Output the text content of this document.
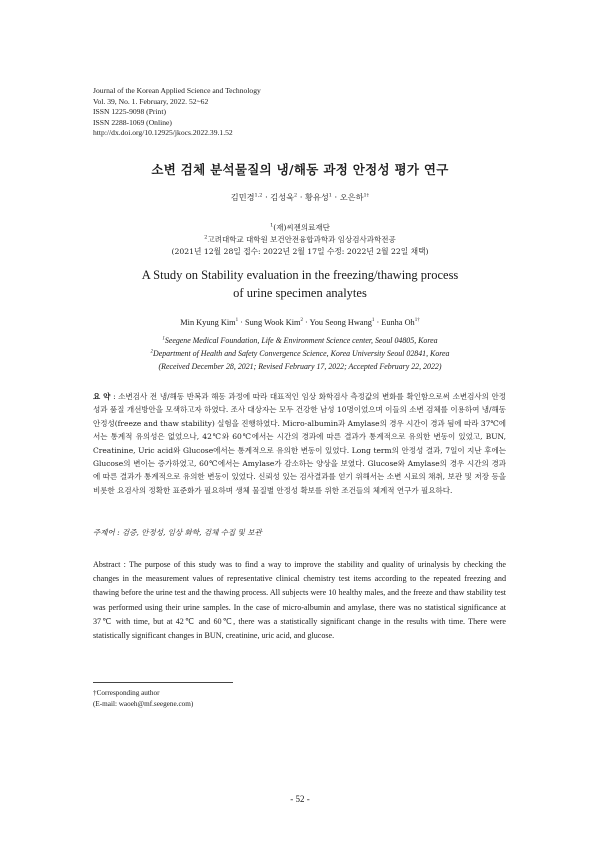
Journal of the Korean Applied Science and Technology
Vol. 39, No. 1. February, 2022. 52~62
ISSN 1225-9098 (Print)
ISSN 2288-1069 (Online)
http://dx.doi.org/10.12925/jkocs.2022.39.1.52
소변 검체 분석물질의 냉/해동 과정 안정성 평가 연구
김민경$^{1,2}$ · 김성욱$^2$ · 황유성$^1$ · 오은하$^{1\dagger}$
$^1$(재)씨젠의료재단
$^2$고려대학교 대학원 보건안전융합과학과 임상검사과학전공
(2021년 12월 28일 접수: 2022년 2월 17일 수정: 2022년 2월 22일 채택)
A Study on Stability evaluation in the freezing/thawing process
of urine specimen analytes
Min Kyung Kim$^1$ · Sung Wook Kim$^2$ · You Seong Hwang$^1$ · Eunha $Oh^{1\dagger}$
$^1$Seegene Medical Foundation, Life & Environment Science center, Seoul 04805, Korea
$^2$Department of Health and Safety Convergence Science, Korea University Seoul 02841, Korea
(Received December 28, 2021; Revised February 17, 2022; Accepted February 22, 2022)
요 약 : 소변검사 전 냉/해동 반복과 해동 과정에 따라 대표적인 임상 화학검사 측정값의 변화를 확인함으로써 소변검사의 안정성과 품질 개선방안을 모색하고자 하였다. 조사 대상자는 모두 건강한 남성 10명이었으며 이들의 소변 검체를 이용하여 냉/해동 안정성(freeze and thaw stability) 실험을 진행하였다. Micro-albumin과 Amylase의 경우 시간이 경과 됨에 따라 37℃에서는 통계적 유의성은 없었으나, 42℃와 60℃에서는 시간의 경과에 따른 결과가 통계적으로 유의한 변동이 있었고, BUN, Creatinine, Uric acid와 Glucose에서는 통계적으로 유의한 변동이 있었다. Long term의 안정성 결과, 7일이 지난 후에는 Glucose의 변이는 증가하였고, 60℃에서는 Amylase가 감소하는 양상을 보였다. Glucose와 Amylase의 경우 시간의 경과에 따른 결과가 통계적으로 유의한 변동이 있었다. 신뢰성 있는 검사결과를 얻기 위해서는 소변 시료의 채취, 보관 및 저장 등을 비롯한 요검사의 정확한 표준화가 필요하며 생체 물질별 안정성 확보를 위한 조건들의 체계적 연구가 필요하다.
주제어 : 검증, 안정성, 임상 화학, 검체 수집 및 보관
Abstract : The purpose of this study was to find a way to improve the stability and quality of urinalysis by checking the changes in the measurement values of representative clinical chemistry test items according to the repeated freezing and thawing before the urine test and the thawing process. All subjects were 10 healthy males, and the freeze and thaw stability test was performed using their urine samples. In the case of micro-albumin and amylase, there was no statistical significance at 37℃ with time, but at 42℃ and 60℃, there was a statistically significant change in the results with time. There were statistically significant changes in BUN, creatinine, uric acid, and glucose.
†Corresponding author
(E-mail: waoeh@mf.seegene.com)
- 52 -
